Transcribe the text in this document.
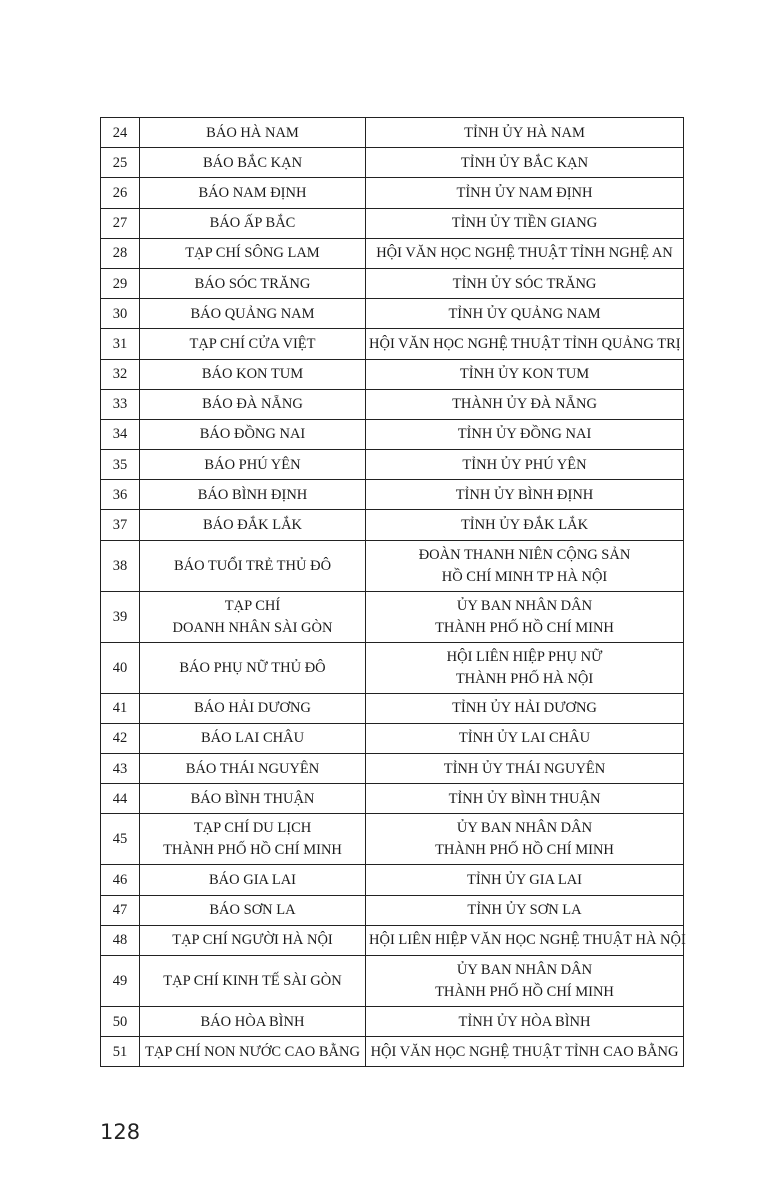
24	BÁO HÀ NAM	TỈNH ỦY HÀ NAM

25	BÁO BẮC KẠN	TỈNH ỦY BẮC KẠN

26	BÁO NAM ĐỊNH	TỈNH ỦY NAM ĐỊNH

27	BÁO ẤP BẮC	TỈNH ỦY TIỀN GIANG

28	TẠP CHÍ SÔNG LAM	HỘI VĂN HỌC NGHỆ THUẬT TỈNH NGHỆ AN

29	BÁO SÓC TRĂNG	TỈNH ỦY SÓC TRĂNG

30	BÁO QUẢNG NAM	TỈNH ỦY QUẢNG NAM

31	TẠP CHÍ CỬA VIỆT	HỘI VĂN HỌC NGHỆ THUẬT TỈNH QUẢNG TRỊ

32	BÁO KON TUM	TỈNH ỦY KON TUM

33	BÁO ĐÀ NẴNG	THÀNH ỦY ĐÀ NẴNG

34	BÁO ĐỒNG NAI	TỈNH ỦY ĐỒNG NAI

35	BÁO PHÚ YÊN	TỈNH ỦY PHÚ YÊN

36	BÁO BÌNH ĐỊNH	TỈNH ỦY BÌNH ĐỊNH

37	BÁO ĐẮK LẮK	TỈNH ỦY ĐẮK LẮK

38	BÁO TUỔI TRẺ THỦ ĐÔ	ĐOÀN THANH NIÊN CỘNG SẢN
HỒ CHÍ MINH TP HÀ NỘI

39	TẠP CHÍ
DOANH NHÂN SÀI GÒN	ỦY BAN NHÂN DÂN
THÀNH PHỐ HỒ CHÍ MINH

40	BÁO PHỤ NỮ THỦ ĐÔ	HỘI LIÊN HIỆP PHỤ NỮ
THÀNH PHỐ HÀ NỘI

41	BÁO HẢI DƯƠNG	TỈNH ỦY HẢI DƯƠNG

42	BÁO LAI CHÂU	TỈNH ỦY LAI CHÂU

43	BÁO THÁI NGUYÊN	TỈNH ỦY THÁI NGUYÊN

44	BÁO BÌNH THUẬN	TỈNH ỦY BÌNH THUẬN

45	TẠP CHÍ DU LỊCH
THÀNH PHỐ HỒ CHÍ MINH	ỦY BAN NHÂN DÂN
THÀNH PHỐ HỒ CHÍ MINH

46	BÁO GIA LAI	TỈNH ỦY GIA LAI

47	BÁO SƠN LA	TỈNH ỦY SƠN LA

48	TẠP CHÍ NGƯỜI HÀ NỘI	HỘI LIÊN HIỆP VĂN HỌC NGHỆ THUẬT HÀ NỘI

49	TẠP CHÍ KINH TẾ SÀI GÒN	ỦY BAN NHÂN DÂN
THÀNH PHỐ HỒ CHÍ MINH

50	BÁO HÒA BÌNH	TỈNH ỦY HÒA BÌNH

51	TẠP CHÍ NON NƯỚC CAO BẰNG	HỘI VĂN HỌC NGHỆ THUẬT TỈNH CAO BẰNG
128
